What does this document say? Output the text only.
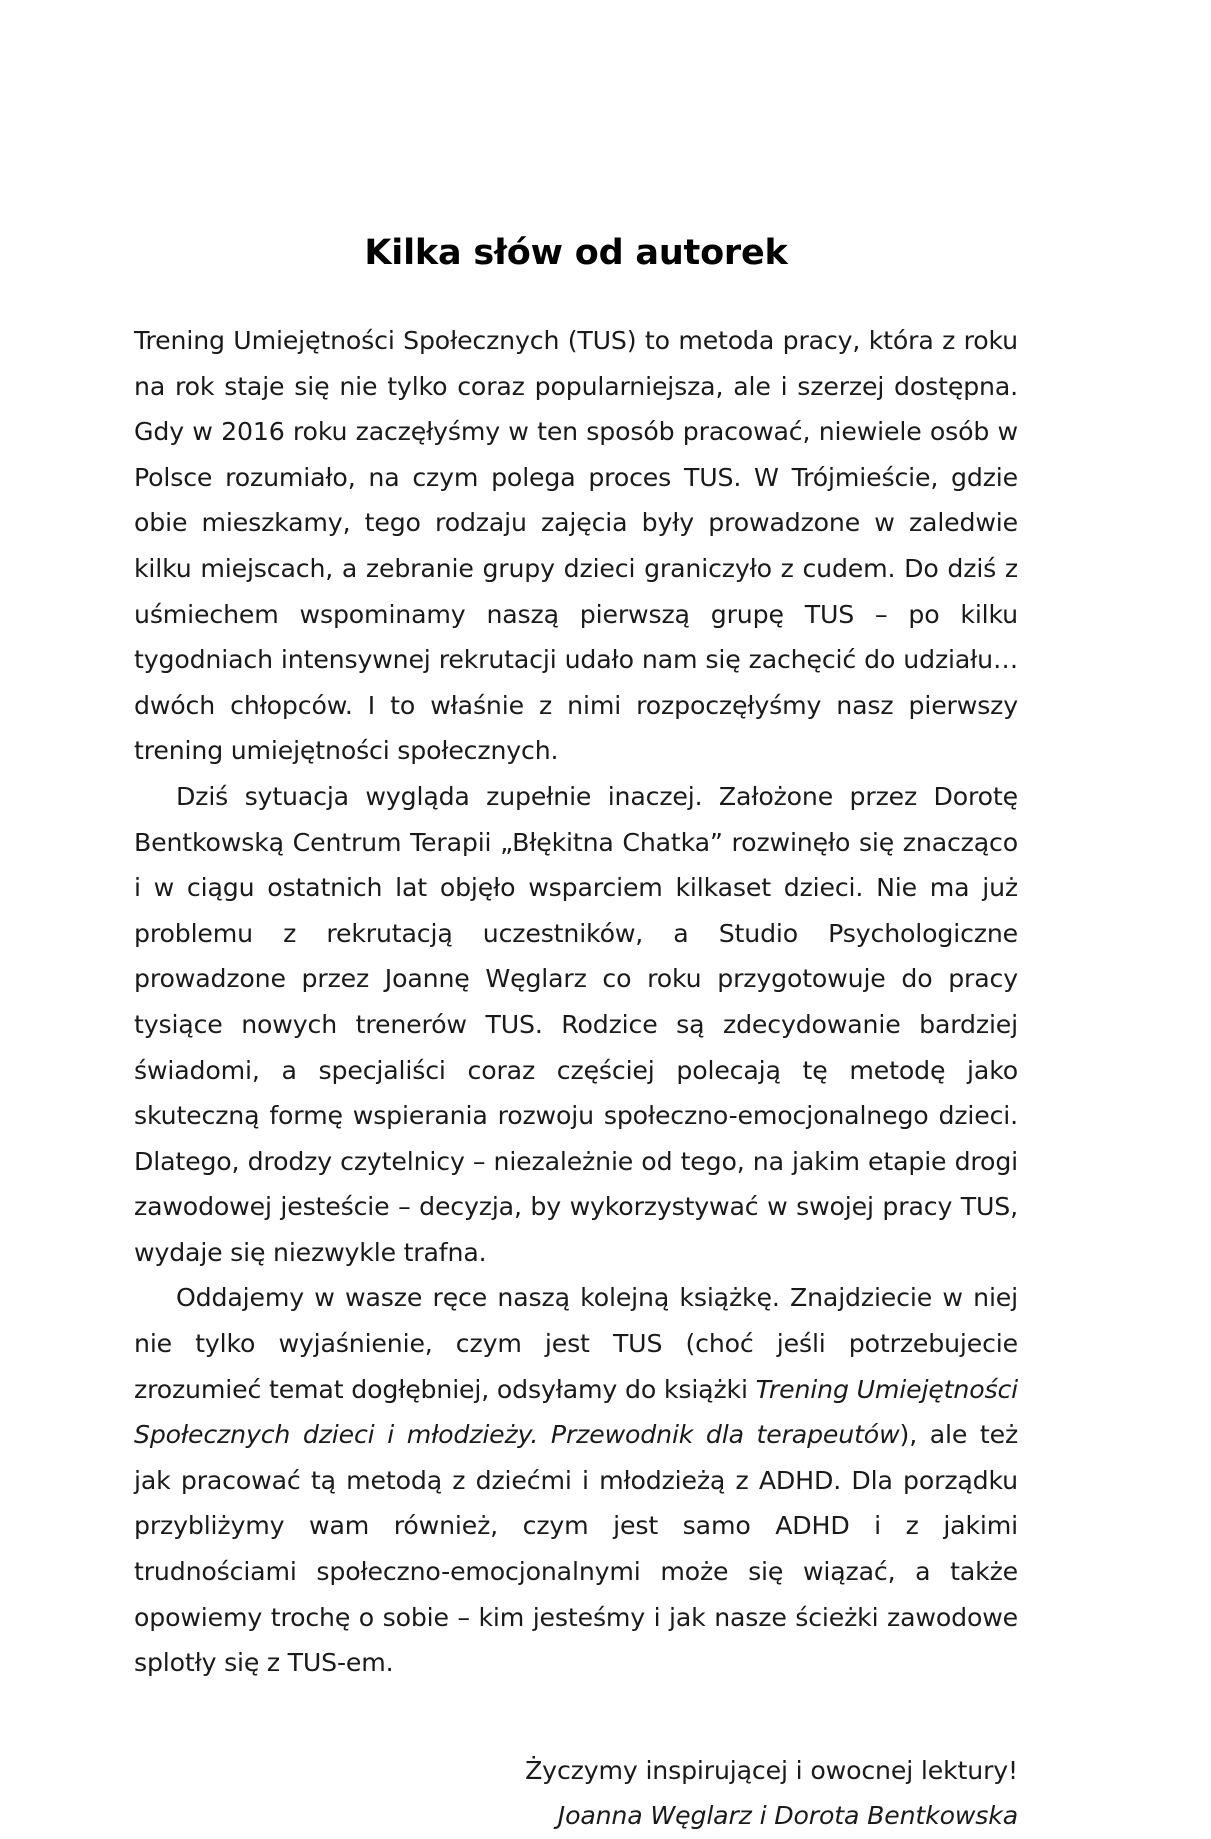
Kilka słów od autorek

Trening Umiejętności Społecznych (TUS) to metoda pracy, która z roku na rok staje się nie tylko coraz popularniejsza, ale i szerzej dostępna. Gdy w 2016 roku zaczęłyśmy w ten sposób pracować, niewiele osób w Polsce rozumiało, na czym polega proces TUS. W Trójmieście, gdzie obie mieszkamy, tego rodzaju zajęcia były prowadzone w zaledwie kilku miejscach, a zebranie grupy dzieci graniczyło z cudem. Do dziś z uśmiechem wspominamy naszą pierwszą grupę TUS – po kilku tygodniach intensywnej rekrutacji udało nam się zachęcić do udziału… dwóch chłopców. I to właśnie z nimi rozpoczęłyśmy nasz pierwszy trening umiejętności społecznych.

Dziś sytuacja wygląda zupełnie inaczej. Założone przez Dorotę Bentkowską Centrum Terapii „Błękitna Chatka” rozwinęło się znacząco i w ciągu ostatnich lat objęło wsparciem kilkaset dzieci. Nie ma już problemu z rekrutacją uczestników, a Studio Psychologiczne prowadzone przez Joannę Węglarz co roku przygotowuje do pracy tysiące nowych trenerów TUS. Rodzice są zdecydowanie bardziej świadomi, a specjaliści coraz częściej polecają tę metodę jako skuteczną formę wspierania rozwoju społeczno-emocjonalnego dzieci. Dlatego, drodzy czytelnicy – niezależnie od tego, na jakim etapie drogi zawodowej jesteście – decyzja, by wykorzystywać w swojej pracy TUS, wydaje się niezwykle trafna.

Oddajemy w wasze ręce naszą kolejną książkę. Znajdziecie w niej nie tylko wyjaśnienie, czym jest TUS (choć jeśli potrzebujecie zrozumieć temat dogłębniej, odsyłamy do książki Trening Umiejętności Społecznych dzieci i młodzieży. Przewodnik dla terapeutów), ale też jak pracować tą metodą z dziećmi i młodzieżą z ADHD. Dla porządku przybliżymy wam również, czym jest samo ADHD i z jakimi trudnościami społeczno-emocjonalnymi może się wiązać, a także opowiemy trochę o sobie – kim jesteśmy i jak nasze ścieżki zawodowe splotły się z TUS-em.

Życzymy inspirującej i owocnej lektury!
Joanna Węglarz i Dorota Bentkowska
